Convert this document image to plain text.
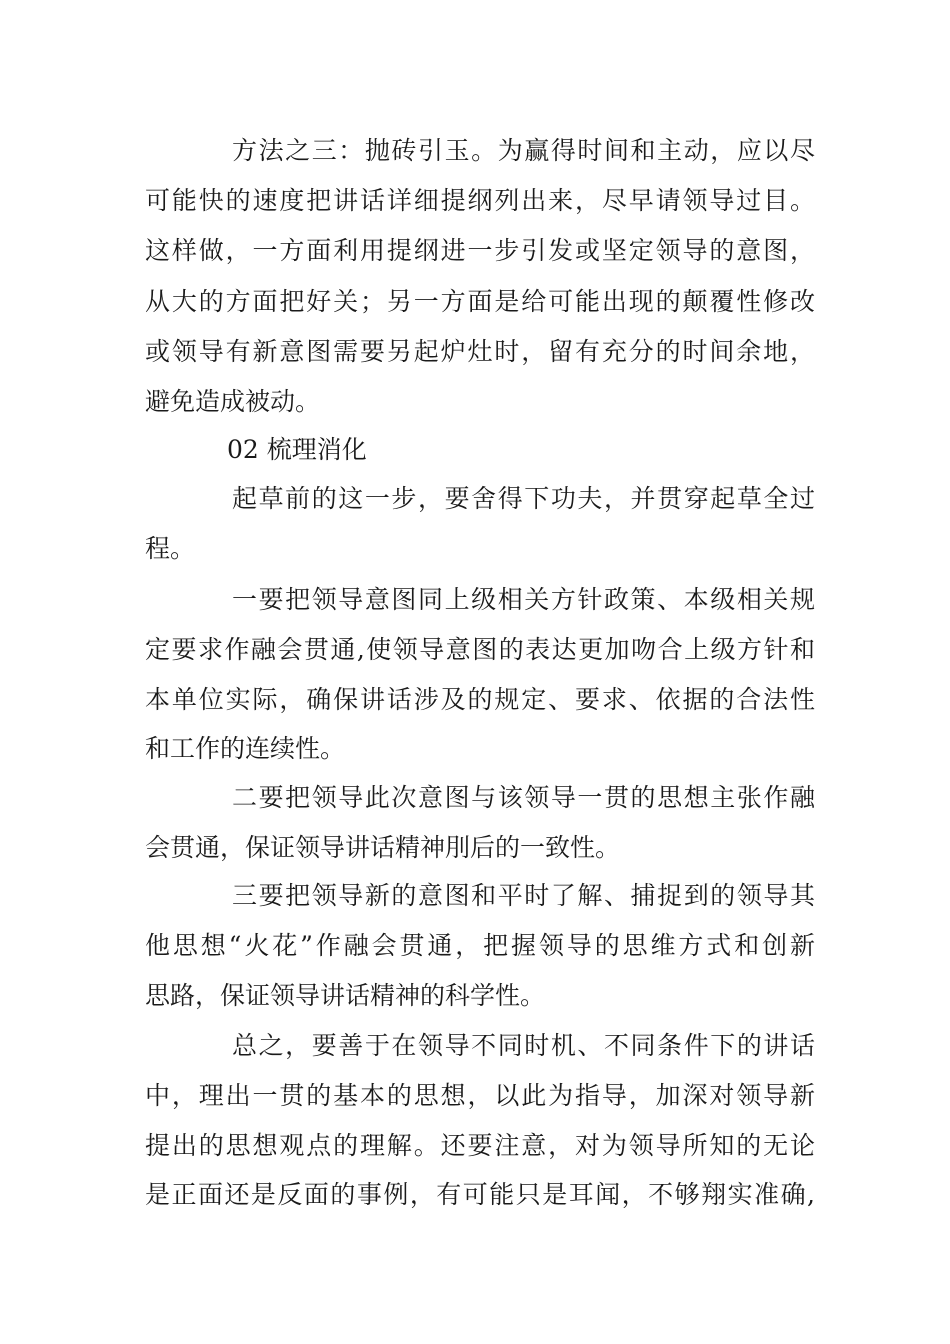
方法之三：抛砖引玉。为赢得时间和主动，应以尽
可能快的速度把讲话详细提纲列出来，尽早请领导过目。
这样做，一方面利用提纲进一步引发或坚定领导的意图，
从大的方面把好关；另一方面是给可能出现的颠覆性修改
或领导有新意图需要另起炉灶时，留有充分的时间余地，
避免造成被动。
02 梳理消化
起草前的这一步，要舍得下功夫，并贯穿起草全过
程。
一要把领导意图同上级相关方针政策、本级相关规
定要求作融会贯通,使领导意图的表达更加吻合上级方针和
本单位实际，确保讲话涉及的规定、要求、依据的合法性
和工作的连续性。
二要把领导此次意图与该领导一贯的思想主张作融
会贯通，保证领导讲话精神刖后的一致性。
三要把领导新的意图和平时了解、捕捉到的领导其
他思想“火花”作融会贯通，把握领导的思维方式和创新
思路，保证领导讲话精神的科学性。
总之，要善于在领导不同时机、不同条件下的讲话
中，理出一贯的基本的思想，以此为指导，加深对领导新
提出的思想观点的理解。还要注意，对为领导所知的无论
是正面还是反面的事例，有可能只是耳闻，不够翔实准确,
